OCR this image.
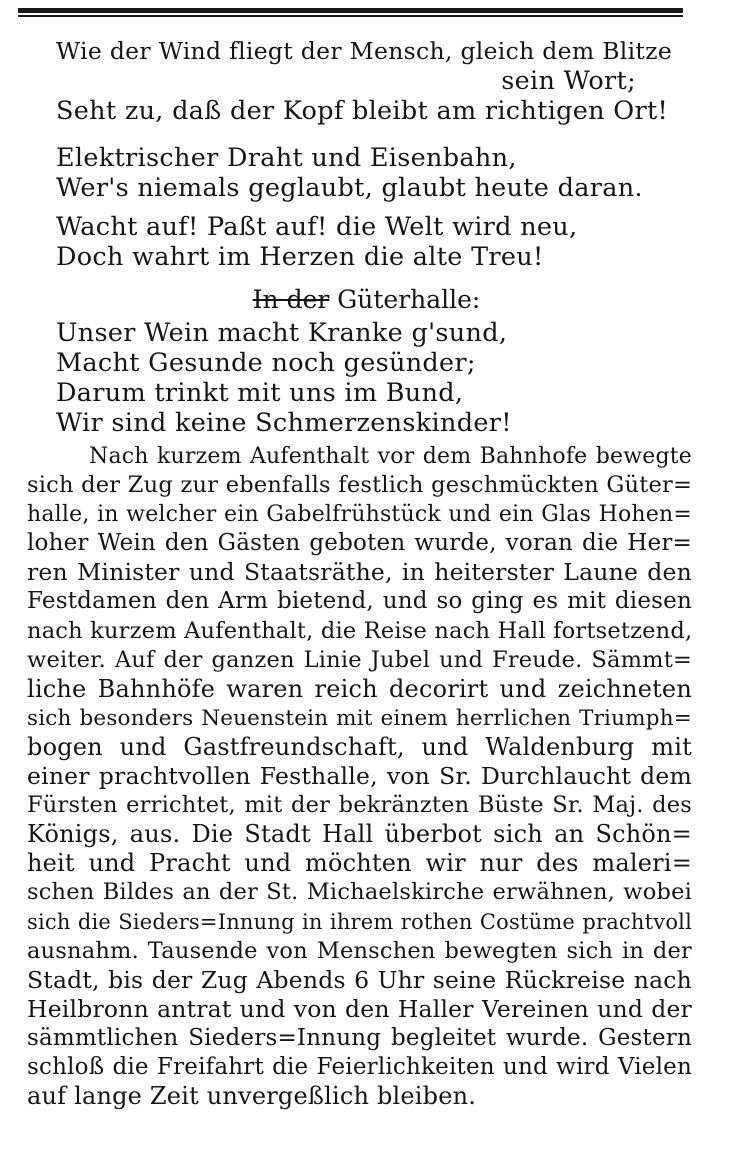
Wie der Wind fliegt der Mensch, gleich dem Blitze
sein Wort;
Seht zu, daß der Kopf bleibt am richtigen Ort!
Elektrischer Draht und Eisenbahn,
Wer's niemals geglaubt, glaubt heute daran.
Wacht auf! Paßt auf! die Welt wird neu,
Doch wahrt im Herzen die alte Treu!
In der Güterhalle:
Unser Wein macht Kranke g'sund,
Macht Gesunde noch gesünder;
Darum trinkt mit uns im Bund,
Wir sind keine Schmerzenskinder!
Nach kurzem Aufenthalt vor dem Bahnhofe bewegte
sich der Zug zur ebenfalls festlich geschmückten Güter=
halle, in welcher ein Gabelfrühstück und ein Glas Hohen=
loher Wein den Gästen geboten wurde, voran die Her=
ren Minister und Staatsräthe, in heiterster Laune den
Festdamen den Arm bietend, und so ging es mit diesen
nach kurzem Aufenthalt, die Reise nach Hall fortsetzend,
weiter. Auf der ganzen Linie Jubel und Freude. Sämmt=
liche Bahnhöfe waren reich decorirt und zeichneten
sich besonders Neuenstein mit einem herrlichen Triumph=
bogen und Gastfreundschaft, und Waldenburg mit
einer prachtvollen Festhalle, von Sr. Durchlaucht dem
Fürsten errichtet, mit der bekränzten Büste Sr. Maj. des
Königs, aus. Die Stadt Hall überbot sich an Schön=
heit und Pracht und möchten wir nur des maleri=
schen Bildes an der St. Michaelskirche erwähnen, wobei
sich die Sieders=Innung in ihrem rothen Costüme prachtvoll
ausnahm. Tausende von Menschen bewegten sich in der
Stadt, bis der Zug Abends 6 Uhr seine Rückreise nach
Heilbronn antrat und von den Haller Vereinen und der
sämmtlichen Sieders=Innung begleitet wurde. Gestern
schloß die Freifahrt die Feierlichkeiten und wird Vielen
auf lange Zeit unvergeßlich bleiben.
